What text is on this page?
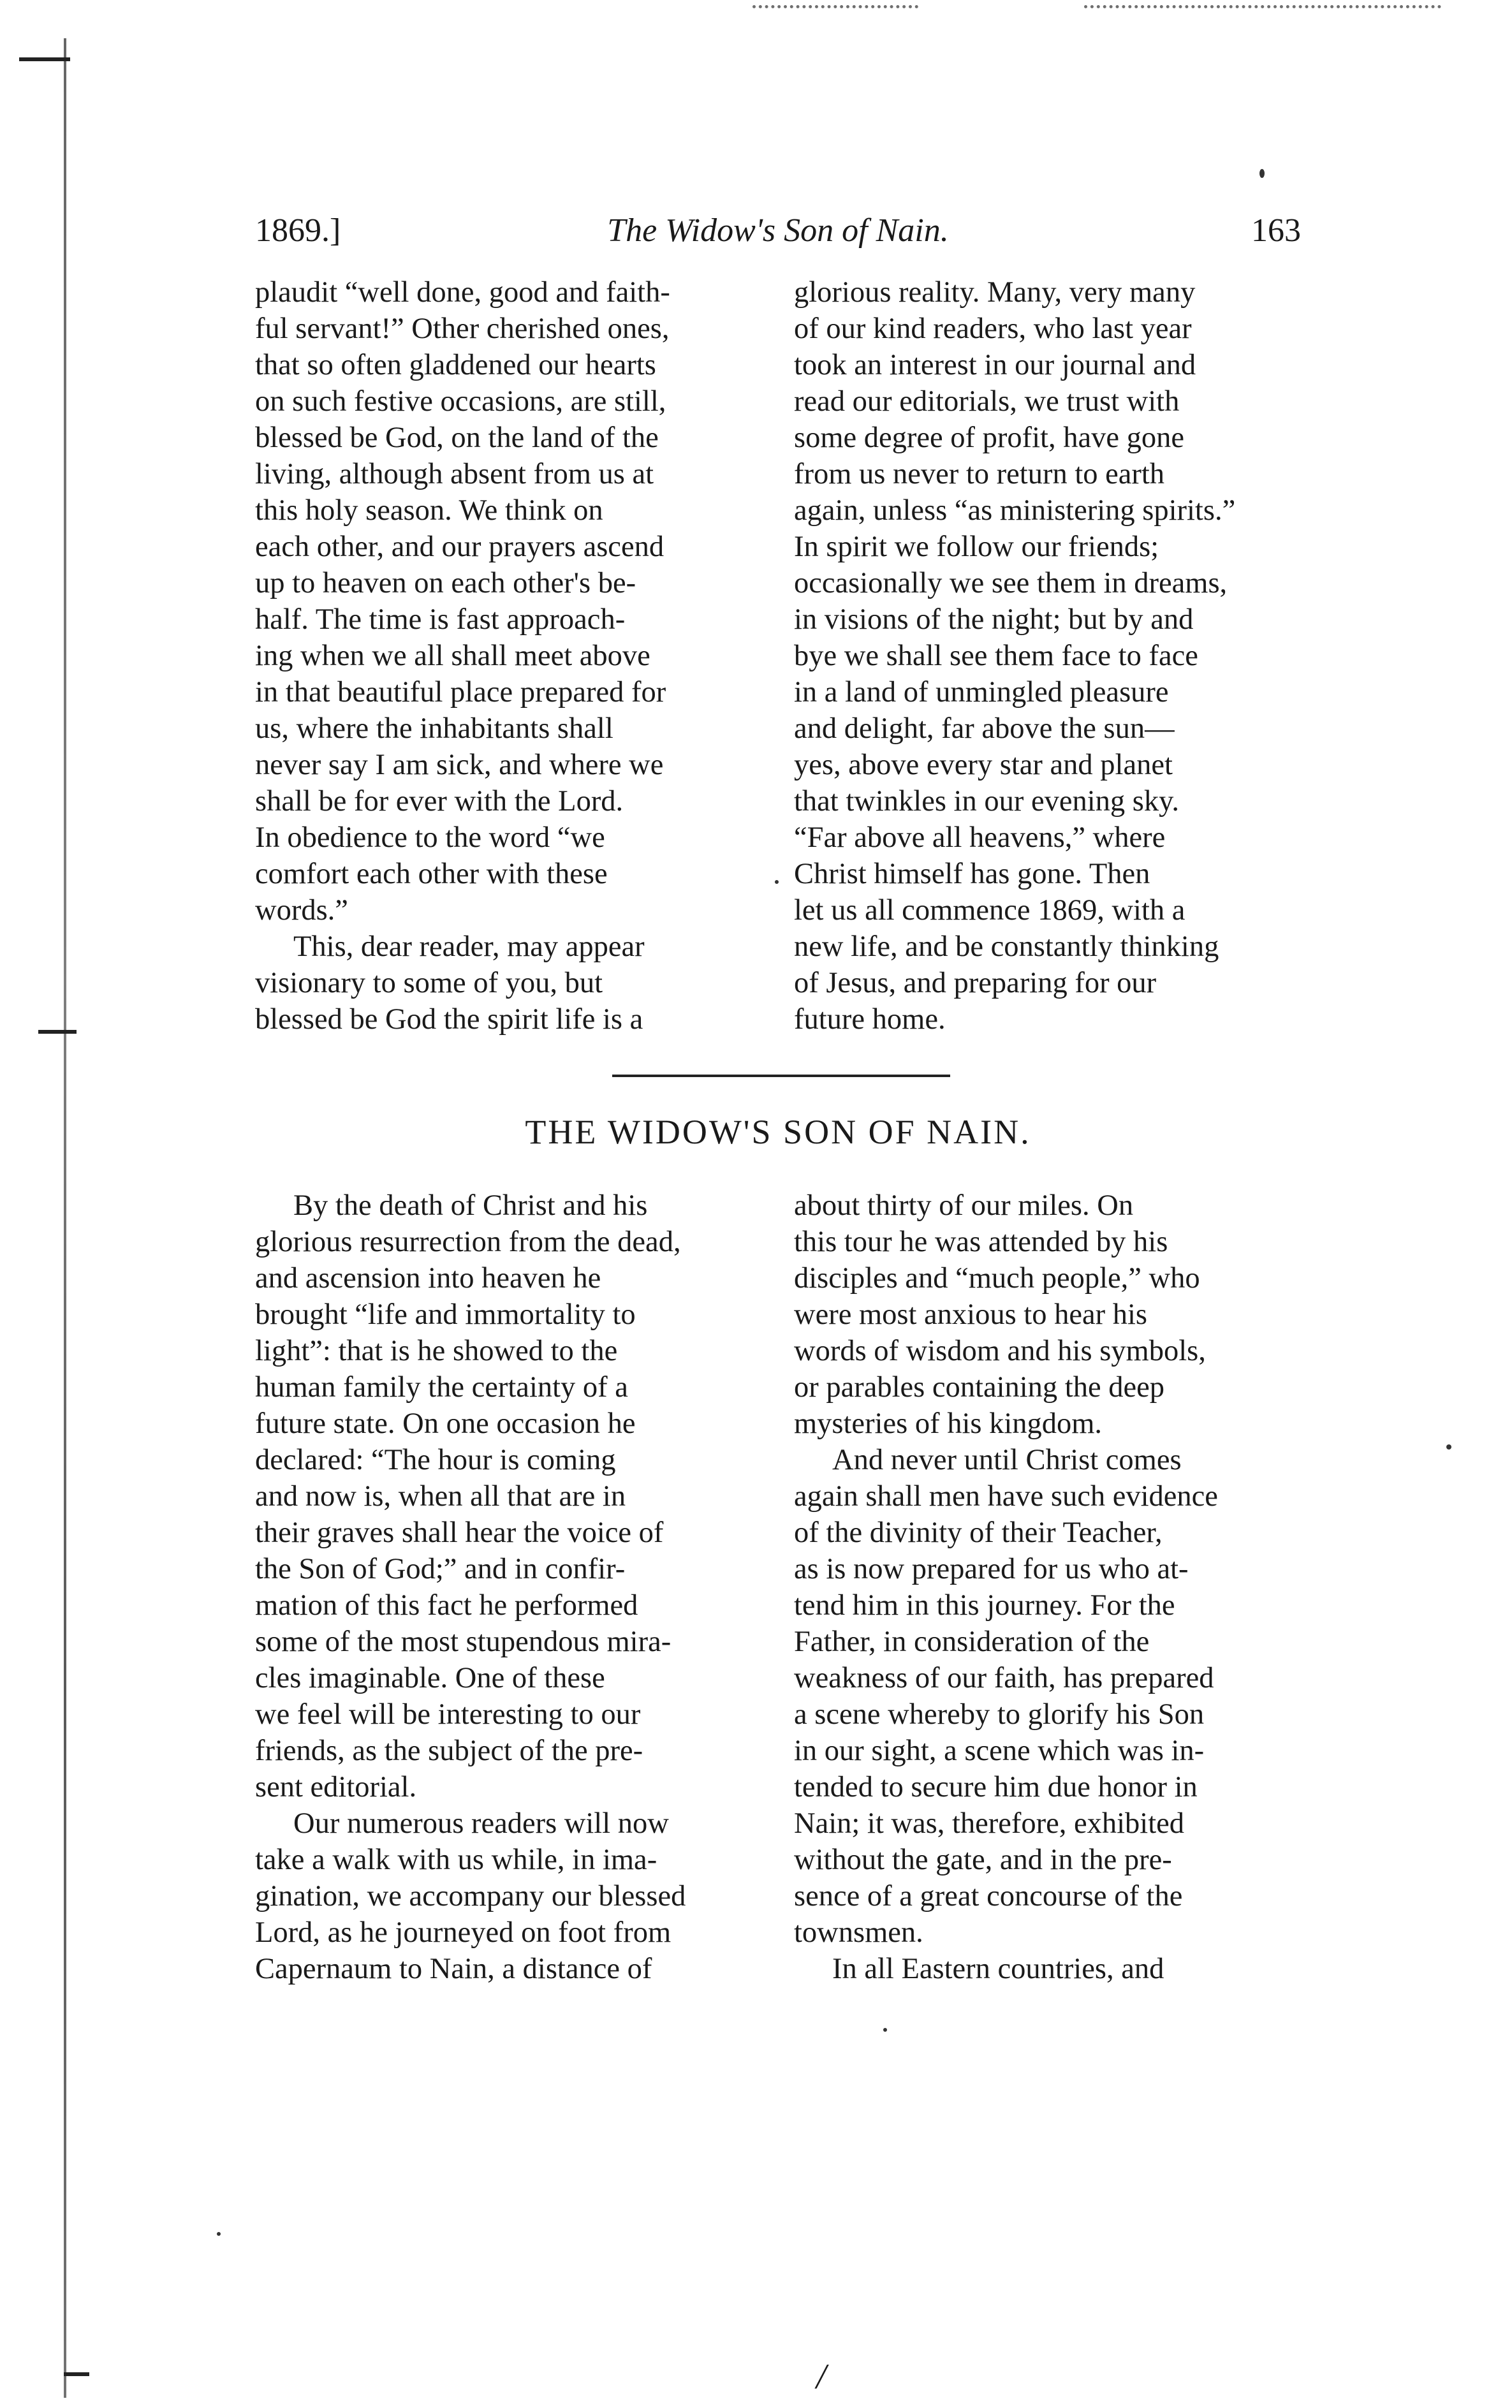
The Widow's Son of Nain.
1869.]	163
plaudit “well done, good and faith-
ful servant!” Other cherished ones,
that so often gladdened our hearts
on such festive occasions, are still,
blessed be God, on the land of the
living, although absent from us at
this holy season. We think on
each other, and our prayers ascend
up to heaven on each other's be-
half. The time is fast approach-
ing when we all shall meet above
in that beautiful place prepared for
us, where the inhabitants shall
never say I am sick, and where we
shall be for ever with the Lord.
In obedience to the word “we
comfort each other with these
words.”
This, dear reader, may appear
visionary to some of you, but
blessed be God the spirit life is a
glorious reality. Many, very many
of our kind readers, who last year
took an interest in our journal and
read our editorials, we trust with
some degree of profit, have gone
from us never to return to earth
again, unless “as ministering spirits.”
In spirit we follow our friends;
occasionally we see them in dreams,
in visions of the night; but by and
bye we shall see them face to face
in a land of unmingled pleasure
and delight, far above the sun—
yes, above every star and planet
that twinkles in our evening sky.
“Far above all heavens,” where
Christ himself has gone. Then
let us all commence 1869, with a
new life, and be constantly thinking
of Jesus, and preparing for our
future home.
THE WIDOW'S SON OF NAIN.
By the death of Christ and his
glorious resurrection from the dead,
and ascension into heaven he
brought “life and immortality to
light”: that is he showed to the
human family the certainty of a
future state. On one occasion he
declared: “The hour is coming
and now is, when all that are in
their graves shall hear the voice of
the Son of God;” and in confir-
mation of this fact he performed
some of the most stupendous mira-
cles imaginable. One of these
we feel will be interesting to our
friends, as the subject of the pre-
sent editorial.
Our numerous readers will now
take a walk with us while, in ima-
gination, we accompany our blessed
Lord, as he journeyed on foot from
Capernaum to Nain, a distance of
about thirty of our miles. On
this tour he was attended by his
disciples and “much people,” who
were most anxious to hear his
words of wisdom and his symbols,
or parables containing the deep
mysteries of his kingdom.
And never until Christ comes
again shall men have such evidence
of the divinity of their Teacher,
as is now prepared for us who at-
tend him in this journey. For the
Father, in consideration of the
weakness of our faith, has prepared
a scene whereby to glorify his Son
in our sight, a scene which was in-
tended to secure him due honor in
Nain; it was, therefore, exhibited
without the gate, and in the pre-
sence of a great concourse of the
townsmen.
In all Eastern countries, and
/
